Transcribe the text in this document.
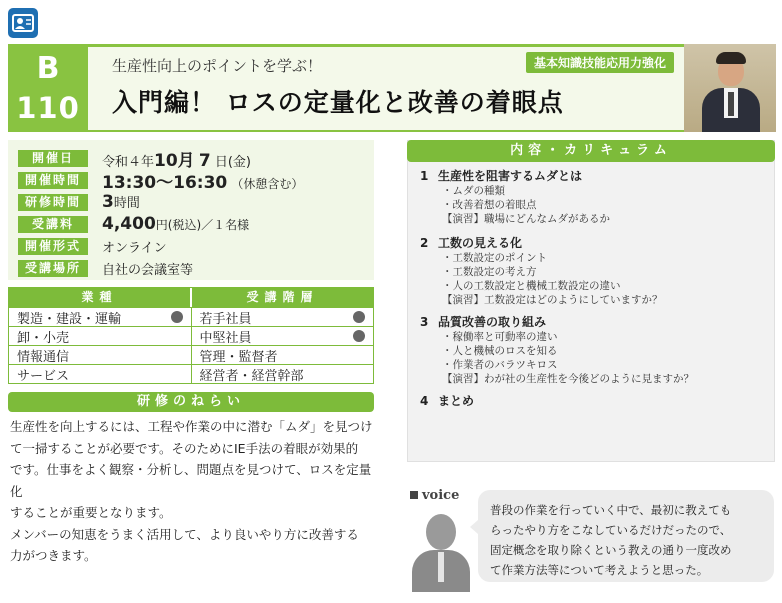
B
110
生産性向上のポイントを学ぶ！
入門編！ ロスの定量化と改善の着眼点
基本知識技能応用力強化
開催日	令和４年10月 7 日(金)
開催時間	13:30～16:30 （休憩含む）
研修時間	3時間
受講料	4,400円(税込)／１名様
開催形式	オンライン
受講場所	自社の会議室等
業種	受講階層
製造・建設・運輸	若手社員
卸・小売	中堅社員
情報通信	管理・監督者
サービス	経営者・経営幹部
研修のねらい
生産性を向上するには、工程や作業の中に潜む「ムダ」を見つけ
て一掃することが必要です。そのためにIE手法の着眼が効果的
です。仕事をよく観察・分析し、問題点を見つけて、ロスを定量化
することが重要となります。
メンバーの知恵をうまく活用して、より良いやり方に改善する
力がつきます。
内容・カリキュラム
1 生産性を阻害するムダとは
・ムダの種類
・改善着想の着眼点
【演習】職場にどんなムダがあるか
2 工数の見える化
・工数設定のポイント
・工数設定の考え方
・人の工数設定と機械工数設定の違い
【演習】工数設定はどのようにしていますか？
3 品質改善の取り組み
・稼働率と可動率の違い
・人と機械のロスを知る
・作業者のバラツキロス
【演習】わが社の生産性を今後どのように見ますか？
4 まとめ
voice
普段の作業を行っていく中で、最初に教えても
らったやり方をこなしているだけだったので、
固定概念を取り除くという教えの通り一度改め
て作業方法等について考えようと思った。
